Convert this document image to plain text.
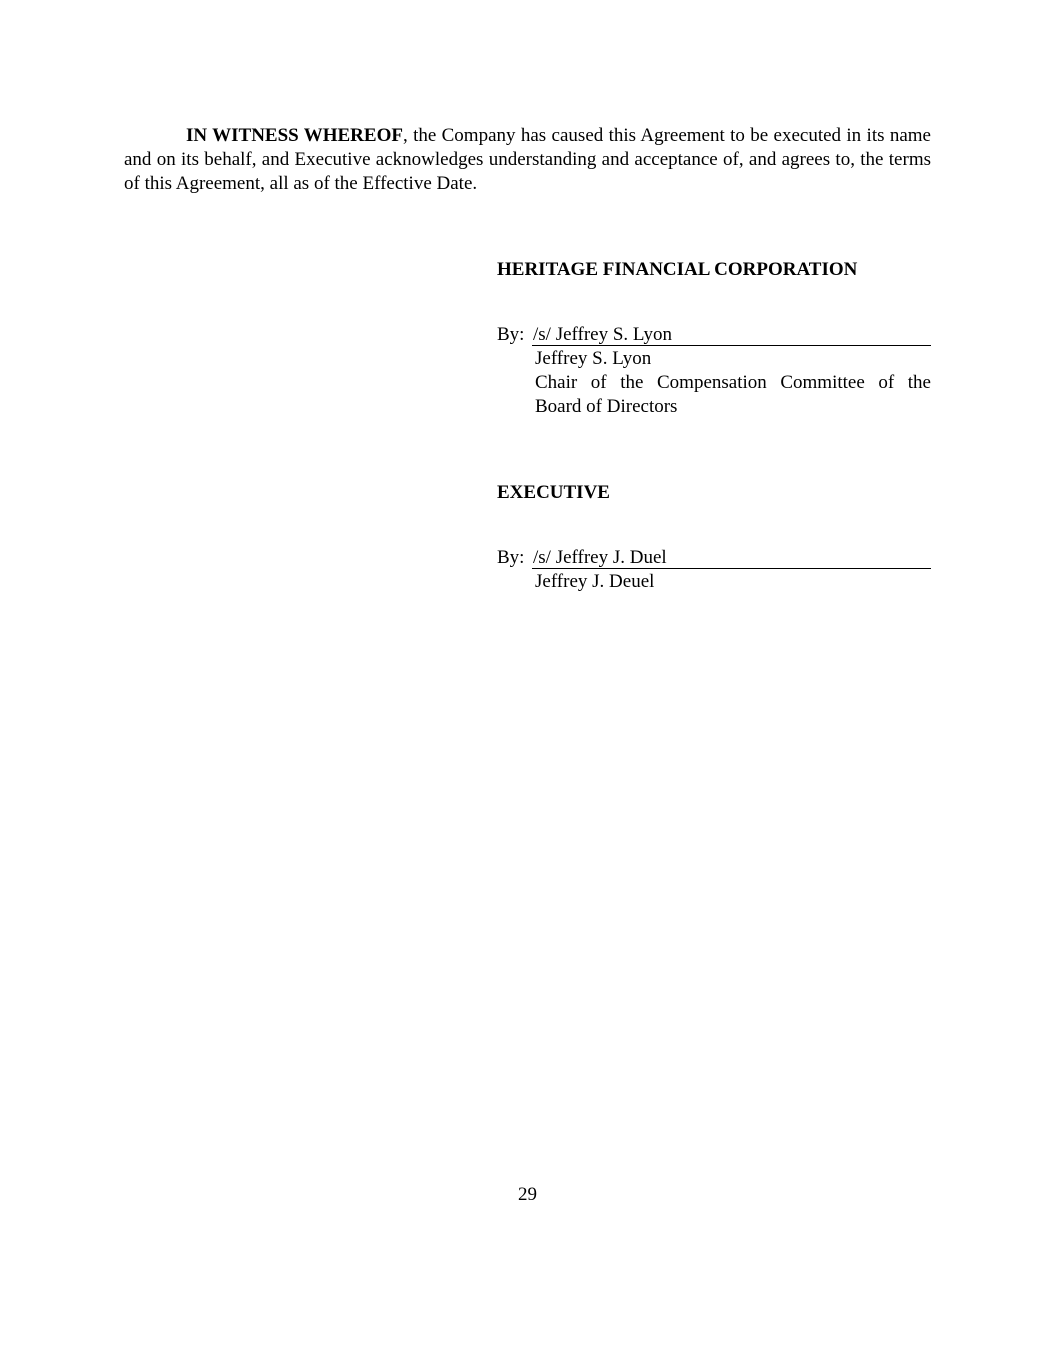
IN WITNESS WHEREOF, the Company has caused this Agreement to be executed in its name and on its behalf, and Executive acknowledges understanding and acceptance of, and agrees to, the terms of this Agreement, all as of the Effective Date.

HERITAGE FINANCIAL CORPORATION
By: /s/ Jeffrey S. Lyon
Jeffrey S. Lyon
Chair of the Compensation Committee of the
Board of Directors
EXECUTIVE
By: /s/ Jeffrey J. Duel
Jeffrey J. Deuel
29
